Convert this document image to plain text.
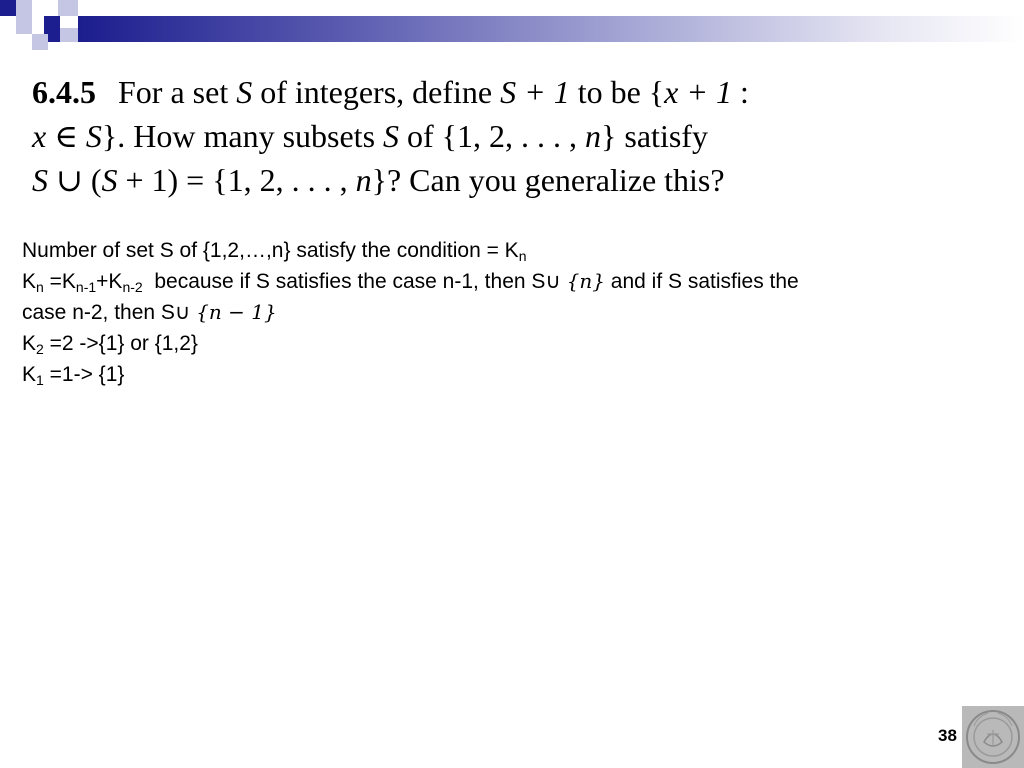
6.4.5 For a set S of integers, define S + 1 to be {x + 1 :
x ∈ S}. How many subsets S of {1, 2, . . . , n} satisfy
S ∪ (S + 1) = {1, 2, . . . , n}? Can you generalize this?
Number of set S of {1,2,…,n} satisfy the condition = $K_n$
$K_n =K_{n-1}+K_{n-2}$  because if S satisfies the case n-1, then S∪ {n} and if S satisfies the
case n-2, then S∪ {n − 1}
$K_2 =2$ ->{1} or {1,2}
$K_1 =1-> \{1\}$
38
